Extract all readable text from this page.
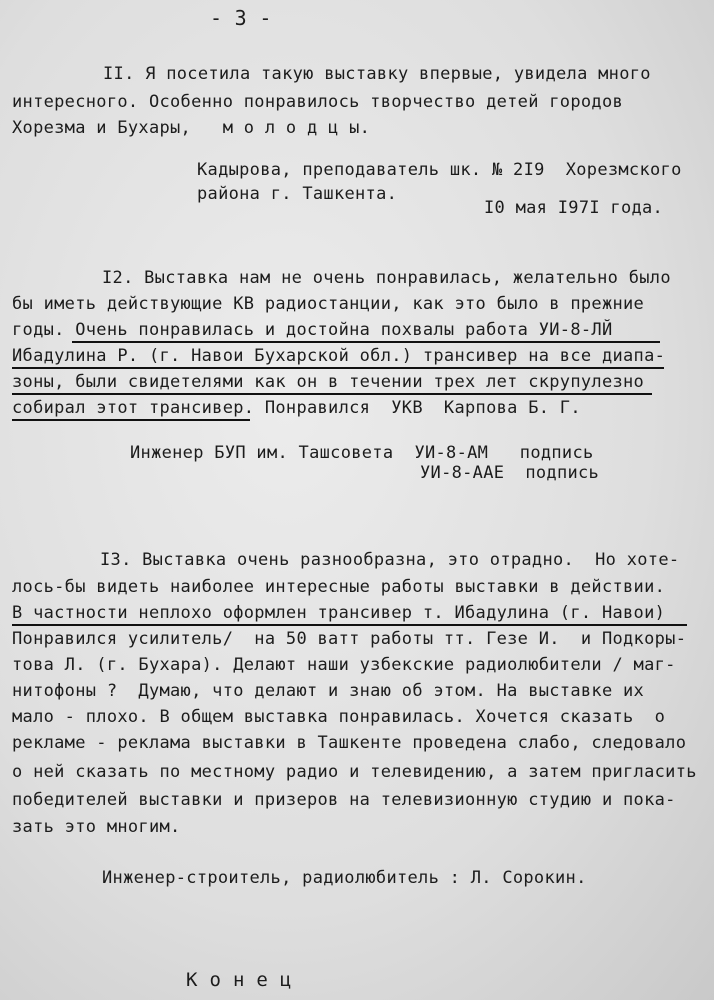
- 3 -
II. Я посетила такую выставку впервые, увидела много
интересного. Особенно понравилось творчество детей городов
Хорезма и Бухары,   м о л о д ц ы.
Кадырова, преподаватель шк. № 2I9  Хорезмского
района г. Ташкента.
I0 мая I97I года.
I2. Выставка нам не очень понравилась, желательно было
бы иметь действующие КВ радиостанции, как это было в прежние
годы. Очень понравилась и достойна похвалы работа УИ-8-ЛЙ
Ибадулина Р. (г. Навои Бухарской обл.) трансивер на все диапа-
зоны, были свидетелями как он в течении трех лет скрупулезно
собирал этот трансивер. Понравился  УКВ  Карпова Б. Г.
Инженер БУП им. Ташсовета  УИ-8-АМ   подпись
УИ-8-ААЕ  подпись
I3. Выставка очень разнообразна, это отрадно.  Но хоте-
лось-бы видеть наиболее интересные работы выставки в действии.
В частности неплохо оформлен трансивер т. Ибадулина (г. Навои)
Понравился усилитель/  на 50 ватт работы тт. Гезе И.  и Подкоры-
това Л. (г. Бухара). Делают наши узбекские радиолюбители / маг-
нитофоны ?  Думаю, что делают и знаю об этом. На выставке их
мало - плохо. В общем выставка понравилась. Хочется сказать  о
рекламе - реклама выставки в Ташкенте проведена слабо, следовало
о ней сказать по местному радио и телевидению, а затем пригласить
победителей выставки и призеров на телевизионную студию и пока-
зать это многим.
Инженер-строитель, радиолюбитель : Л. Сорокин.
К о н е ц
